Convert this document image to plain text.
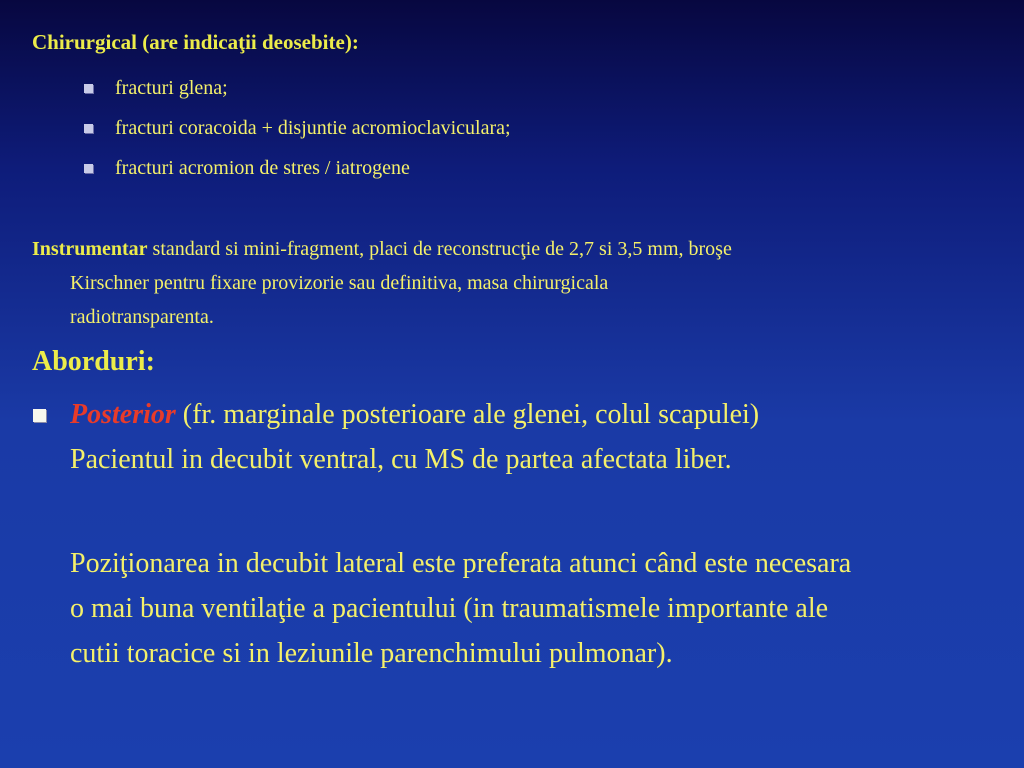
Chirurgical (are indicaţii deosebite):
fracturi glena;
fracturi coracoida + disjuntie acromioclaviculara;
fracturi acromion de stres / iatrogene
Instrumentar standard si mini-fragment, placi de reconstrucţie de 2,7 si 3,5 mm, broşe
Kirschner pentru fixare provizorie sau definitiva, masa chirurgicala
radiotransparenta.
Aborduri:
Posterior (fr. marginale posterioare ale glenei, colul scapulei)
Pacientul in decubit ventral, cu MS de partea afectata liber.
Poziţionarea in decubit lateral este preferata atunci când este necesara
o mai buna ventilaţie a pacientului (in traumatismele importante ale
cutii toracice si in leziunile parenchimului pulmonar).
